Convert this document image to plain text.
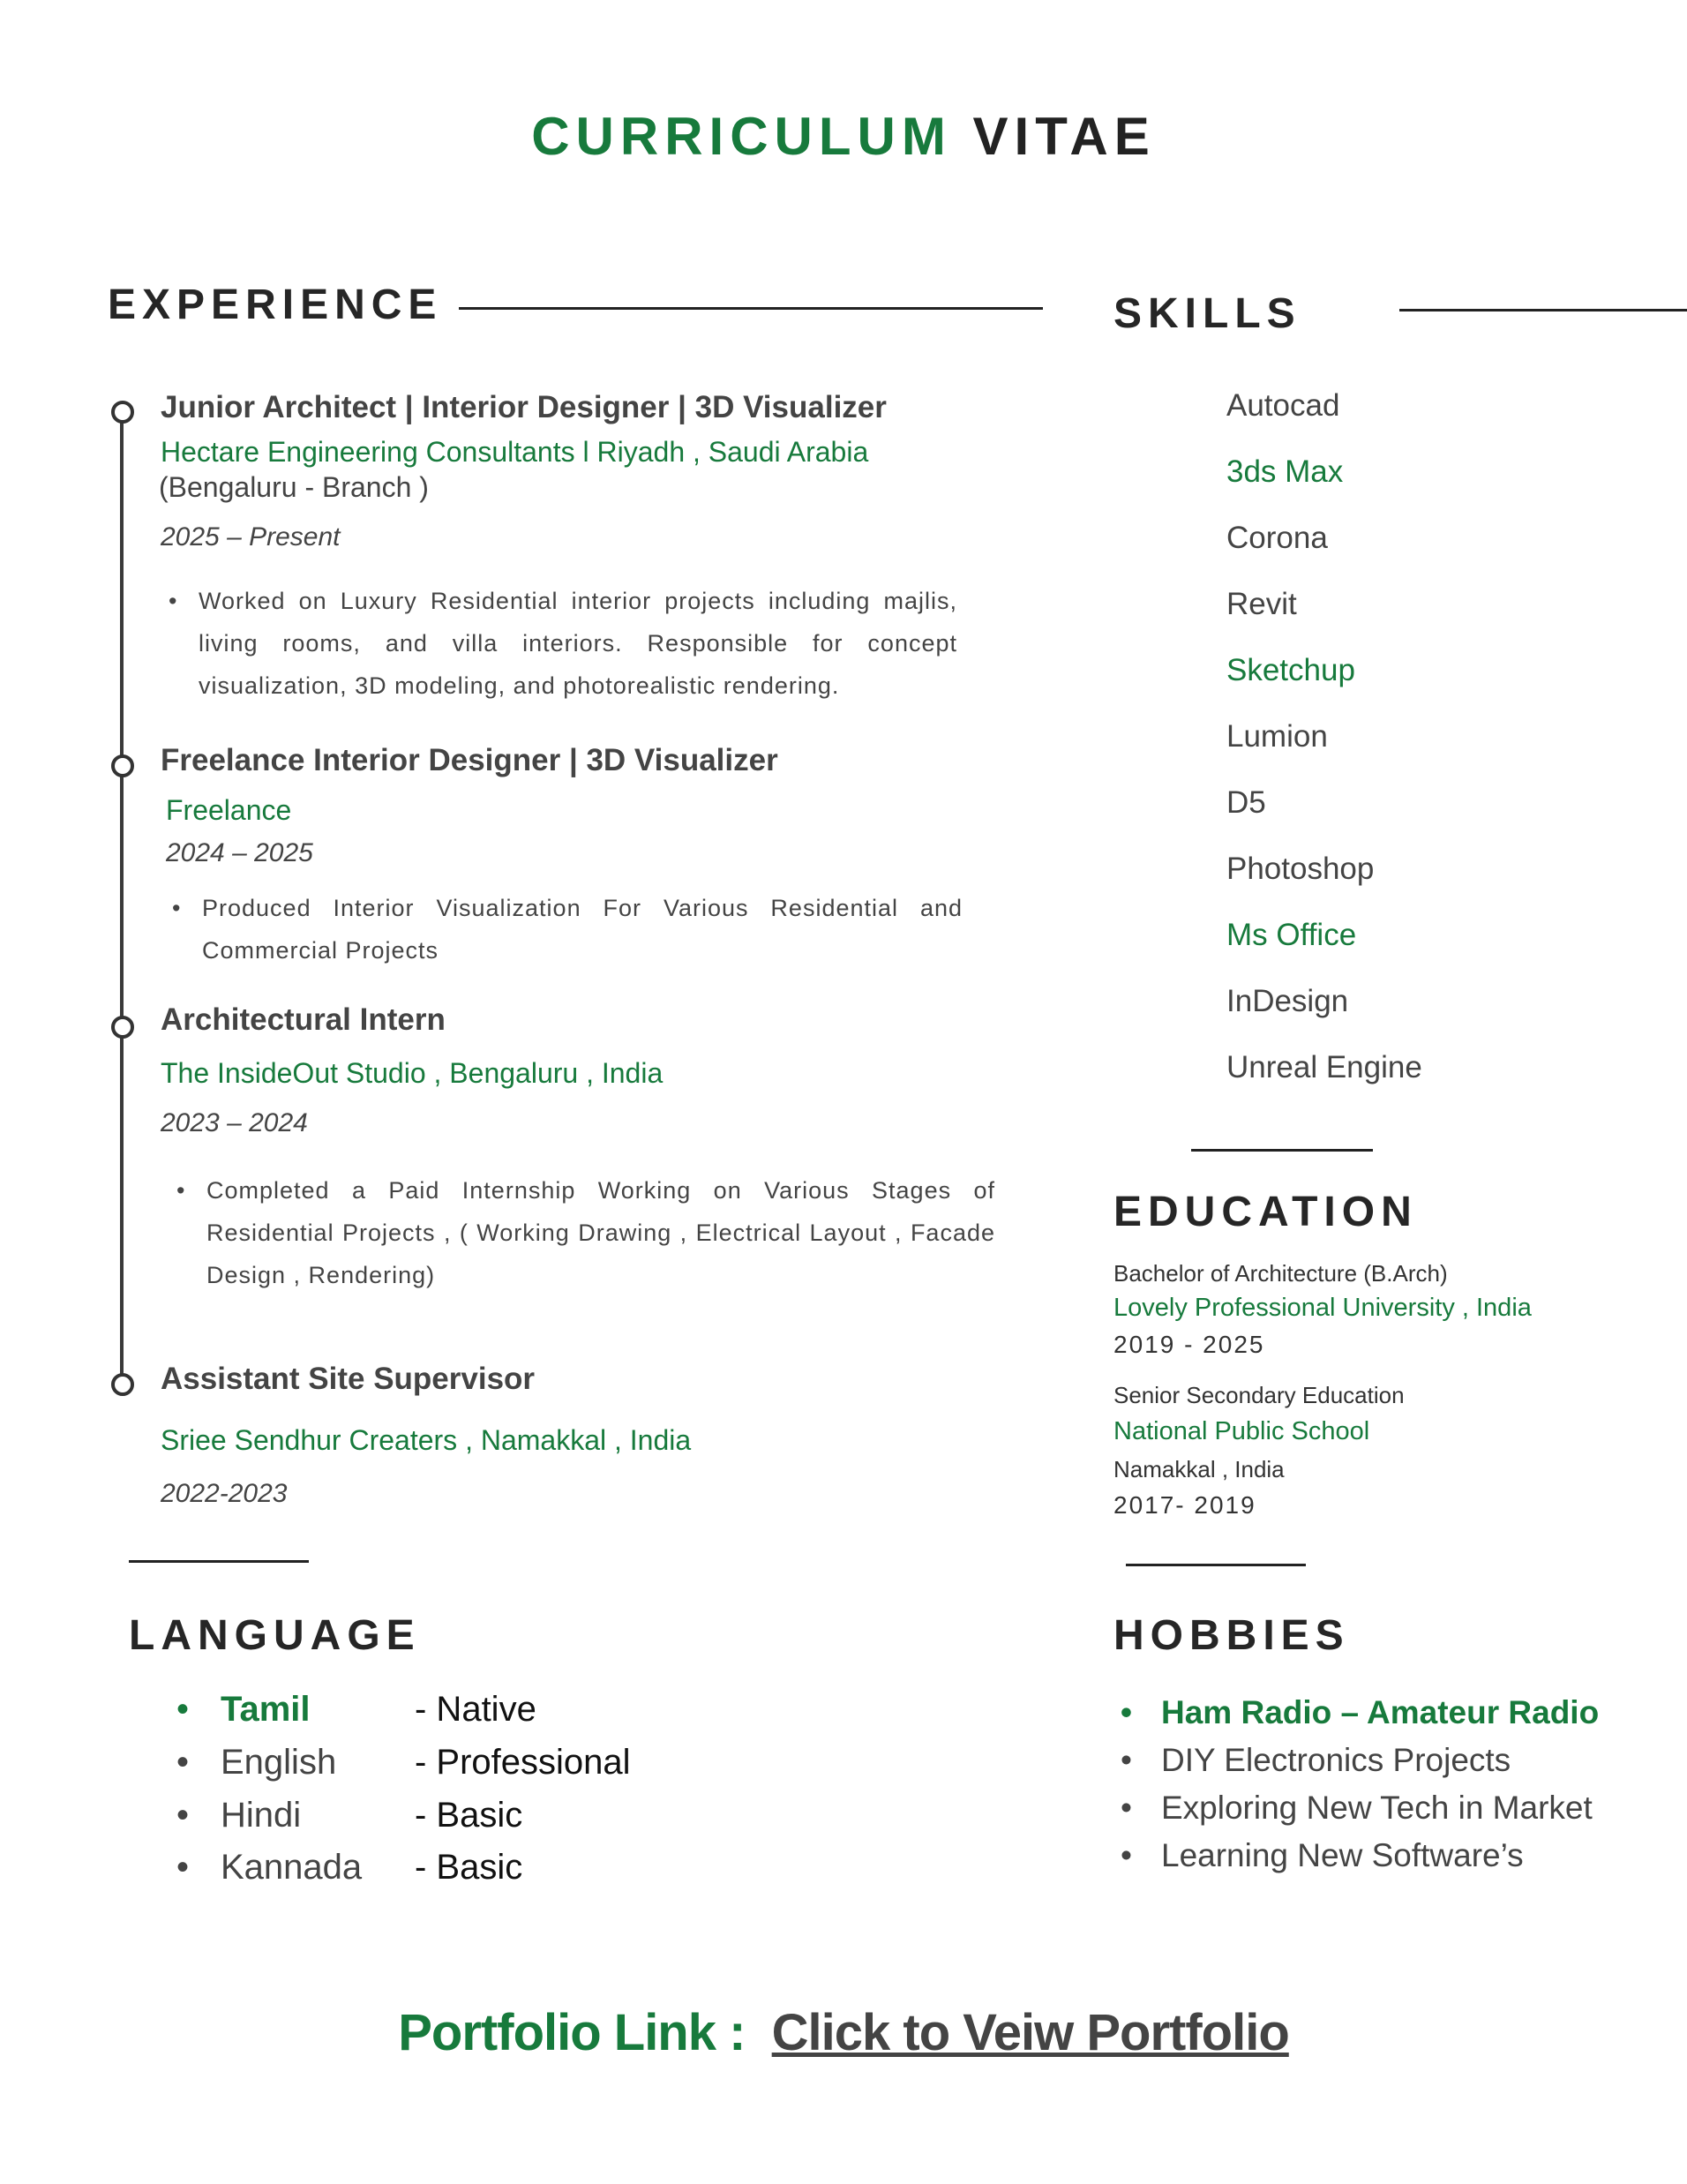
CURRICULUM VITAE
EXPERIENCE
Junior Architect | Interior Designer | 3D Visualizer
Hectare Engineering Consultants l Riyadh , Saudi Arabia
(Bengaluru - Branch )
2025 – Present
• Worked on Luxury Residential interior projects including majlis, living rooms, and villa interiors. Responsible for concept visualization, 3D modeling, and photorealistic rendering.
Freelance Interior Designer | 3D Visualizer
Freelance
2024 – 2025
• Produced Interior Visualization For Various Residential and Commercial Projects
Architectural Intern
The InsideOut Studio , Bengaluru , India
2023 – 2024
• Completed a Paid Internship Working on Various Stages of Residential Projects , ( Working Drawing , Electrical Layout , Facade Design , Rendering)
Assistant Site Supervisor
Sriee Sendhur Creaters , Namakkal , India
2022-2023
SKILLS
Autocad
3ds Max
Corona
Revit
Sketchup
Lumion
D5
Photoshop
Ms Office
InDesign
Unreal Engine
EDUCATION
Bachelor of Architecture (B.Arch)
Lovely Professional University , India
2019 - 2025
Senior Secondary Education
National Public School
Namakkal , India
2017- 2019
LANGUAGE
• Tamil	- Native
• English - Professional
• Hindi	- Basic
• Kannada - Basic
HOBBIES
• Ham Radio – Amateur Radio
• DIY Electronics Projects
• Exploring New Tech in Market
• Learning New Software’s
Portfolio Link : Click to Veiw Portfolio
